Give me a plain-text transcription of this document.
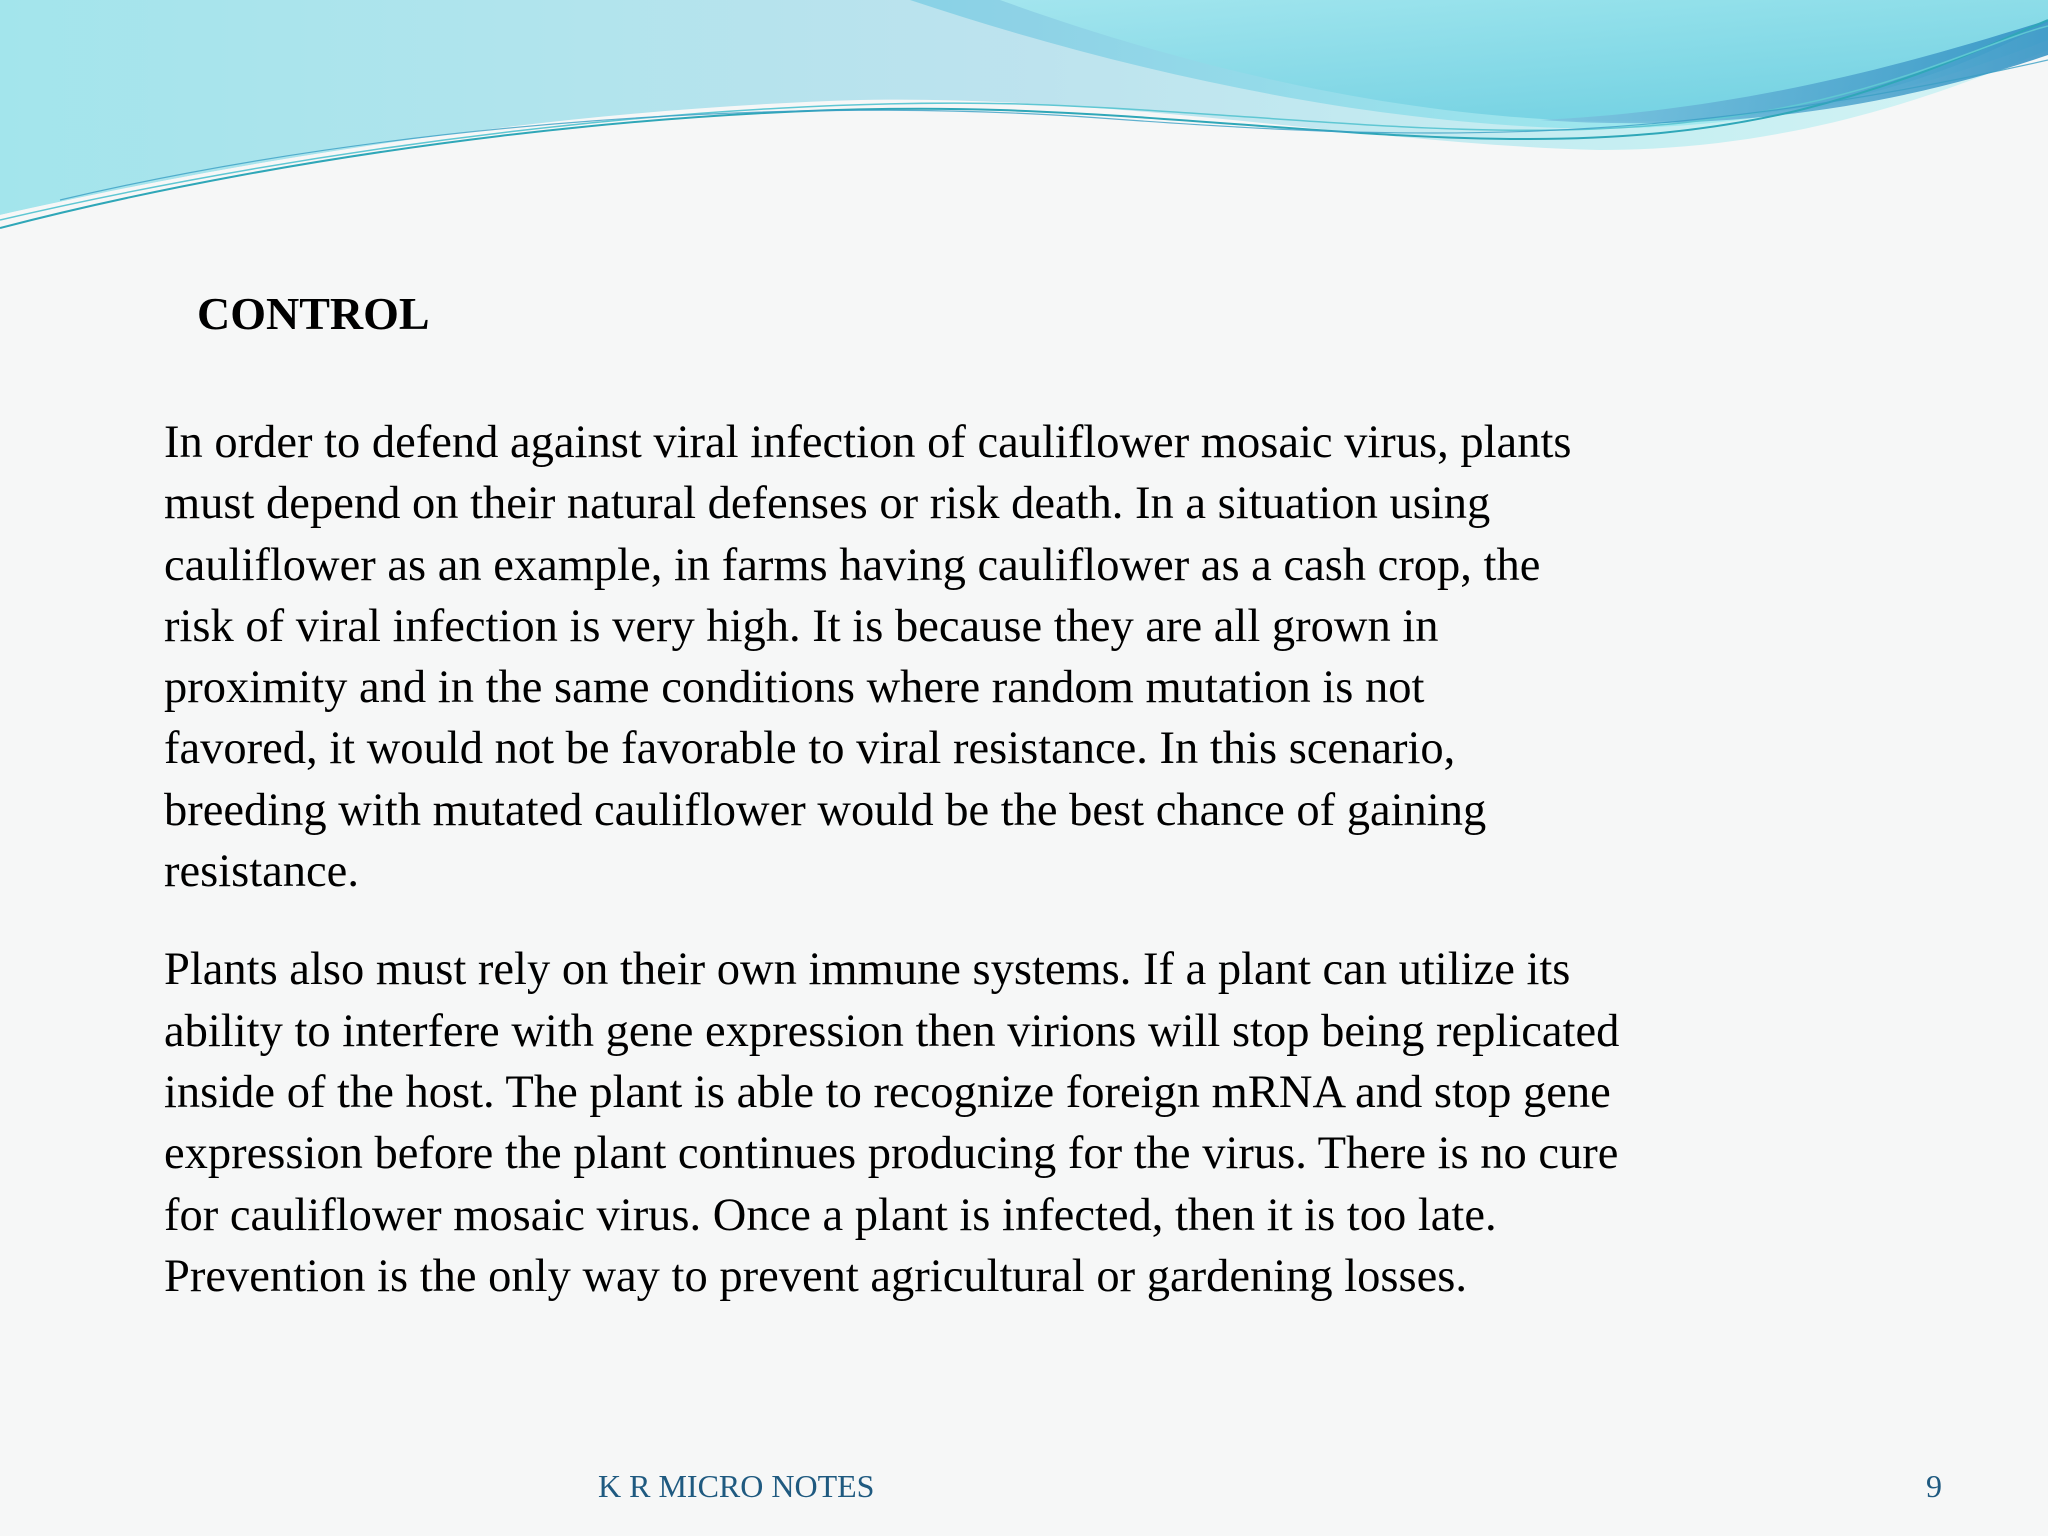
CONTROL

In order to defend against viral infection of cauliflower mosaic virus, plants
must depend on their natural defenses or risk death. In a situation using
cauliflower as an example, in farms having cauliflower as a cash crop, the
risk of viral infection is very high. It is because they are all grown in
proximity and in the same conditions where random mutation is not
favored, it would not be favorable to viral resistance. In this scenario,
breeding with mutated cauliflower would be the best chance of gaining
resistance.

Plants also must rely on their own immune systems. If a plant can utilize its
ability to interfere with gene expression then virions will stop being replicated
inside of the host. The plant is able to recognize foreign mRNA and stop gene
expression before the plant continues producing for the virus. There is no cure
for cauliflower mosaic virus. Once a plant is infected, then it is too late.
Prevention is the only way to prevent agricultural or gardening losses.

K R MICRO NOTES	9
